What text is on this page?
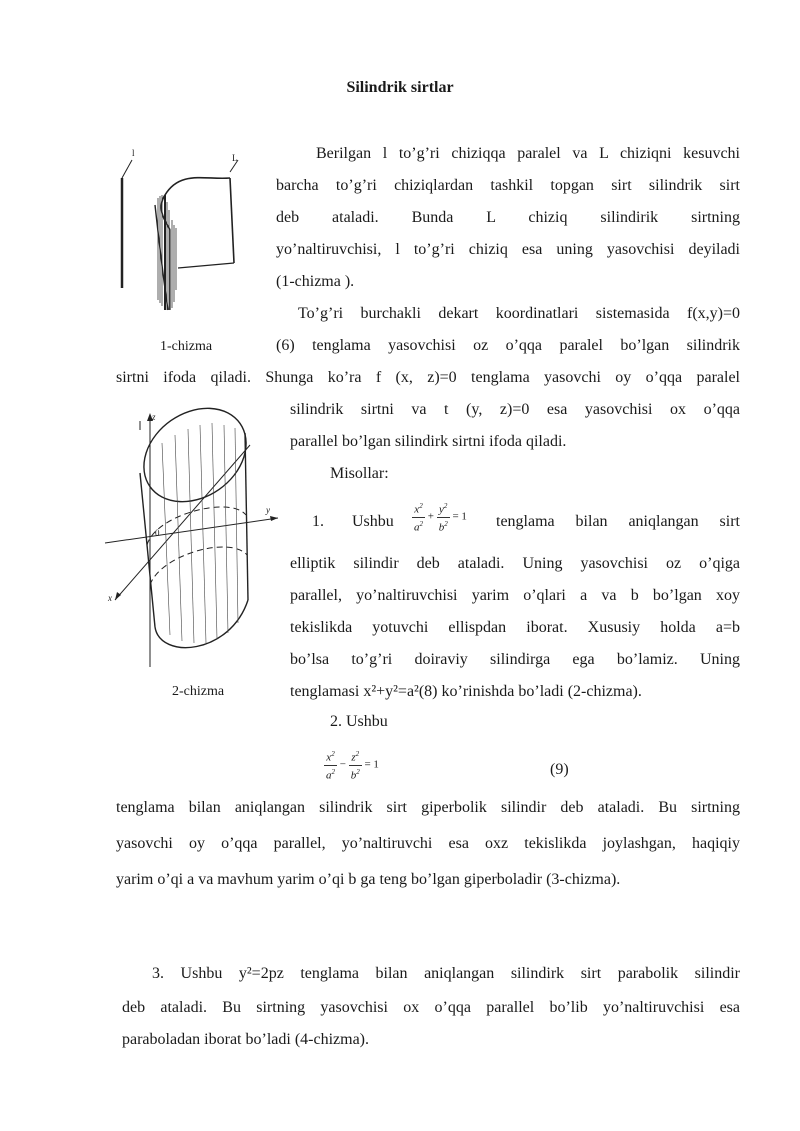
Silindrik sirtlar
l	L
1-chizma
Berilgan l to’g’ri chiziqqa paralel va L chiziqni kesuvchi
barcha to’g’ri chiziqlardan tashkil topgan sirt silindrik sirt
deb ataladi. Bunda L chiziq silindirik sirtning
yo’naltiruvchisi, l to’g’ri chiziq esa uning yasovchisi deyiladi
(1-chizma ).
To’g’ri burchakli dekart koordinatlari sistemasida f(x,y)=0
(6) tenglama yasovchisi oz o’qqa paralel bo’lgan silindrik
sirtni ifoda qiladi. Shunga ko’ra f (x, z)=0 tenglama yasovchi oy o’qqa paralel
silindrik sirtni va t (y, z)=0 esa yasovchisi ox o’qqa
parallel bo’lgan silindirk sirtni ifoda qiladi.
Misollar:
z
y
x
0
2-chizma
1. Ushbu $\frac{x^2}{a^2} + \frac{y^2}{b^2} = 1$ tenglama bilan aniqlangan sirt
elliptik silindir deb ataladi. Uning yasovchisi oz o’qiga
parallel, yo’naltiruvchisi yarim o’qlari a va b bo’lgan xoy
tekislikda yotuvchi ellispdan iborat. Xususiy holda a=b
bo’lsa to’g’ri doiraviy silindirga ega bo’lamiz. Uning
tenglamasi x²+y²=a²(8) ko’rinishda bo’ladi (2-chizma).
2. Ushbu
$\frac{x^2}{a^2} - \frac{z^2}{b^2} = 1$	(9)
tenglama bilan aniqlangan silindrik sirt giperbolik silindir deb ataladi. Bu sirtning
yasovchi oy o’qqa parallel, yo’naltiruvchi esa oxz tekislikda joylashgan, haqiqiy
yarim o’qi a va mavhum yarim o’qi b ga teng bo’lgan giperboladir (3-chizma).
3. Ushbu y²=2pz tenglama bilan aniqlangan silindirk sirt parabolik silindir
deb ataladi. Bu sirtning yasovchisi ox o’qqa parallel bo’lib yo’naltiruvchisi esa
paraboladan iborat bo’ladi (4-chizma).
